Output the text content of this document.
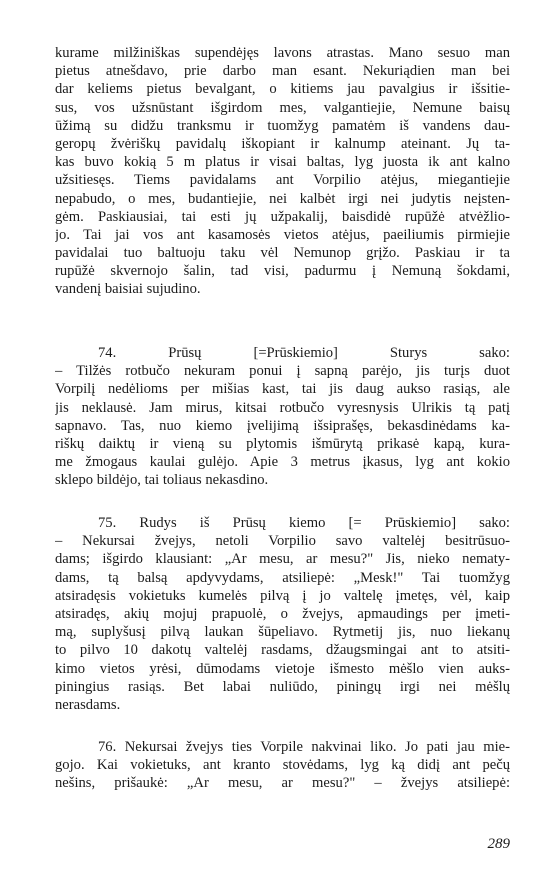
kurame milžiniškas supendėjęs lavons atrastas. Mano sesuo man
pietus atnešdavo, prie darbo man esant. Nekuriądien man bei
dar keliems pietus bevalgant, o kitiems jau pavalgius ir išsitie-
sus, vos užsnūstant išgirdom mes, valgantiejie, Nemune baisų
ūžimą su didžu tranksmu ir tuomžyg pamatėm iš vandens dau-
geropų žvėriškų pavidalų iškopiant ir kalnump ateinant. Jų ta-
kas buvo kokią 5 m platus ir visai baltas, lyg juosta ik ant kalno
užsitiesęs. Tiems pavidalams ant Vorpilio atėjus, miegantiejie
nepabudo, o mes, budantiejie, nei kalbėt irgi nei judytis neįsten-
gėm. Paskiausiai, tai esti jų užpakalij, baisdidė rupūžė atvėžlio-
jo. Tai jai vos ant kasamosės vietos atėjus, paeiliumis pirmiejie
pavidalai tuo baltuoju taku vėl Nemunop grįžo. Paskiau ir ta
rupūžė skvernojo šalin, tad visi, padurmu į Nemuną šokdami,
vandenį baisiai sujudino.
74. Prūsų [=Prūskiemio] Sturys sako:
– Tilžės rotbučo nekuram ponui į sapną parėjo, jis turįs duot
Vorpilį nedėlioms per mišias kast, tai jis daug aukso rasiąs, ale
jis neklausė. Jam mirus, kitsai rotbučo vyresnysis Ulrikis tą patį
sapnavo. Tas, nuo kiemo įvelijimą išsiprašęs, bekasdinėdams ka-
riškų daiktų ir vieną su plytomis išmūrytą prikasė kapą, kura-
me žmogaus kaulai gulėjo. Apie 3 metrus įkasus, lyg ant kokio
sklepo bildėjo, tai toliaus nekasdino.
75. Rudys iš Prūsų kiemo [= Prūskiemio] sako:
– Nekursai žvejys, netoli Vorpilio savo valtelėj besitrūsuo-
dams; išgirdo klausiant: „Ar mesu, ar mesu?" Jis, nieko nematy-
dams, tą balsą apdyvydams, atsiliepė: „Mesk!" Tai tuomžyg
atsiradęsis vokietuks kumelės pilvą į jo valtelę įmetęs, vėl, kaip
atsiradęs, akių mojuj prapuolė, o žvejys, apmaudings per įmeti-
mą, suplyšusį pilvą laukan šūpeliavo. Rytmetij jis, nuo liekanų
to pilvo 10 dakotų valtelėj rasdams, džaugsmingai ant to atsiti-
kimo vietos yrėsi, dūmodams vietoje išmesto mėšlo vien auks-
piningius rasiąs. Bet labai nuliūdo, piningų irgi nei mėšlų
nerasdams.
76. Nekursai žvejys ties Vorpile nakvinai liko. Jo pati jau mie-
gojo. Kai vokietuks, ant kranto stovėdams, lyg ką didį ant pečų
nešins, prišaukė: „Ar mesu, ar mesu?" – žvejys atsiliepė:
289
